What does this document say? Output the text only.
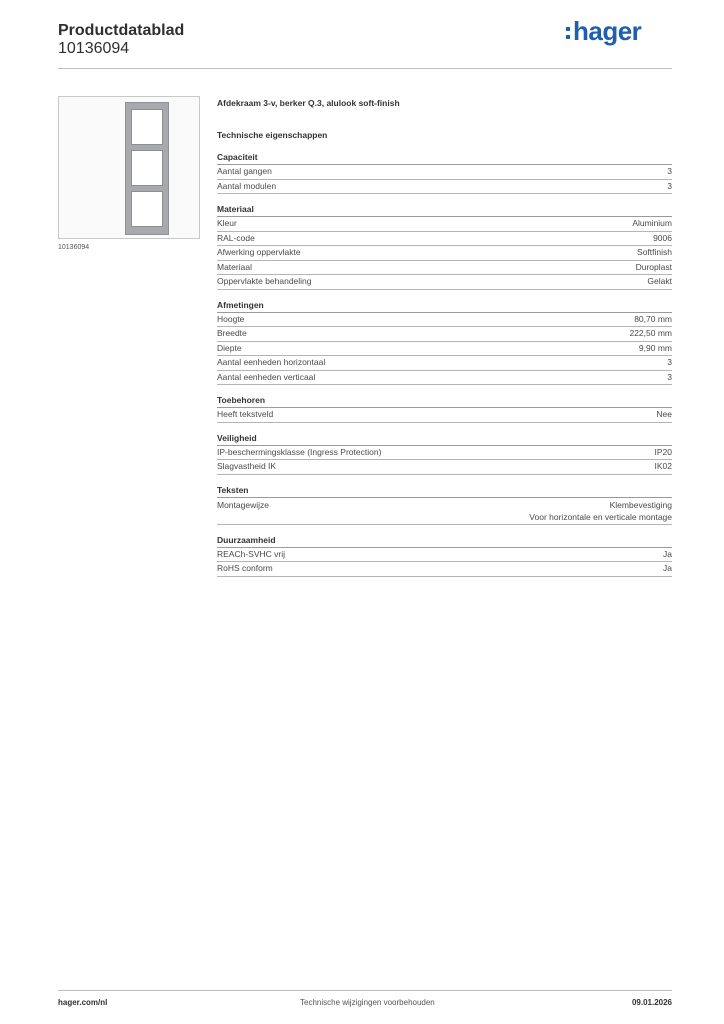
Productdatablad
10136094
hager
10136094
Afdekraam 3-v, berker Q.3, alulook soft-finish
Technische eigenschappen
Capaciteit
Aantal gangen	3
Aantal modulen	3
Materiaal
Kleur	Aluminium
RAL-code	9006
Afwerking oppervlakte	Softfinish
Materiaal	Duroplast
Oppervlakte behandeling	Gelakt
Afmetingen
Hoogte	80,70 mm
Breedte	222,50 mm
Diepte	9,90 mm
Aantal eenheden horizontaal	3
Aantal eenheden verticaal	3
Toebehoren
Heeft tekstveld	Nee
Veiligheid
IP-beschermingsklasse (Ingress Protection)	IP20
Slagvastheid IK	IK02
Teksten
Montagewijze	Klembevestiging
Voor horizontale en verticale montage
Duurzaamheid
REACh-SVHC vrij	Ja
RoHS conform	Ja
hager.com/nl	Technische wijzigingen voorbehouden	09.01.2026
